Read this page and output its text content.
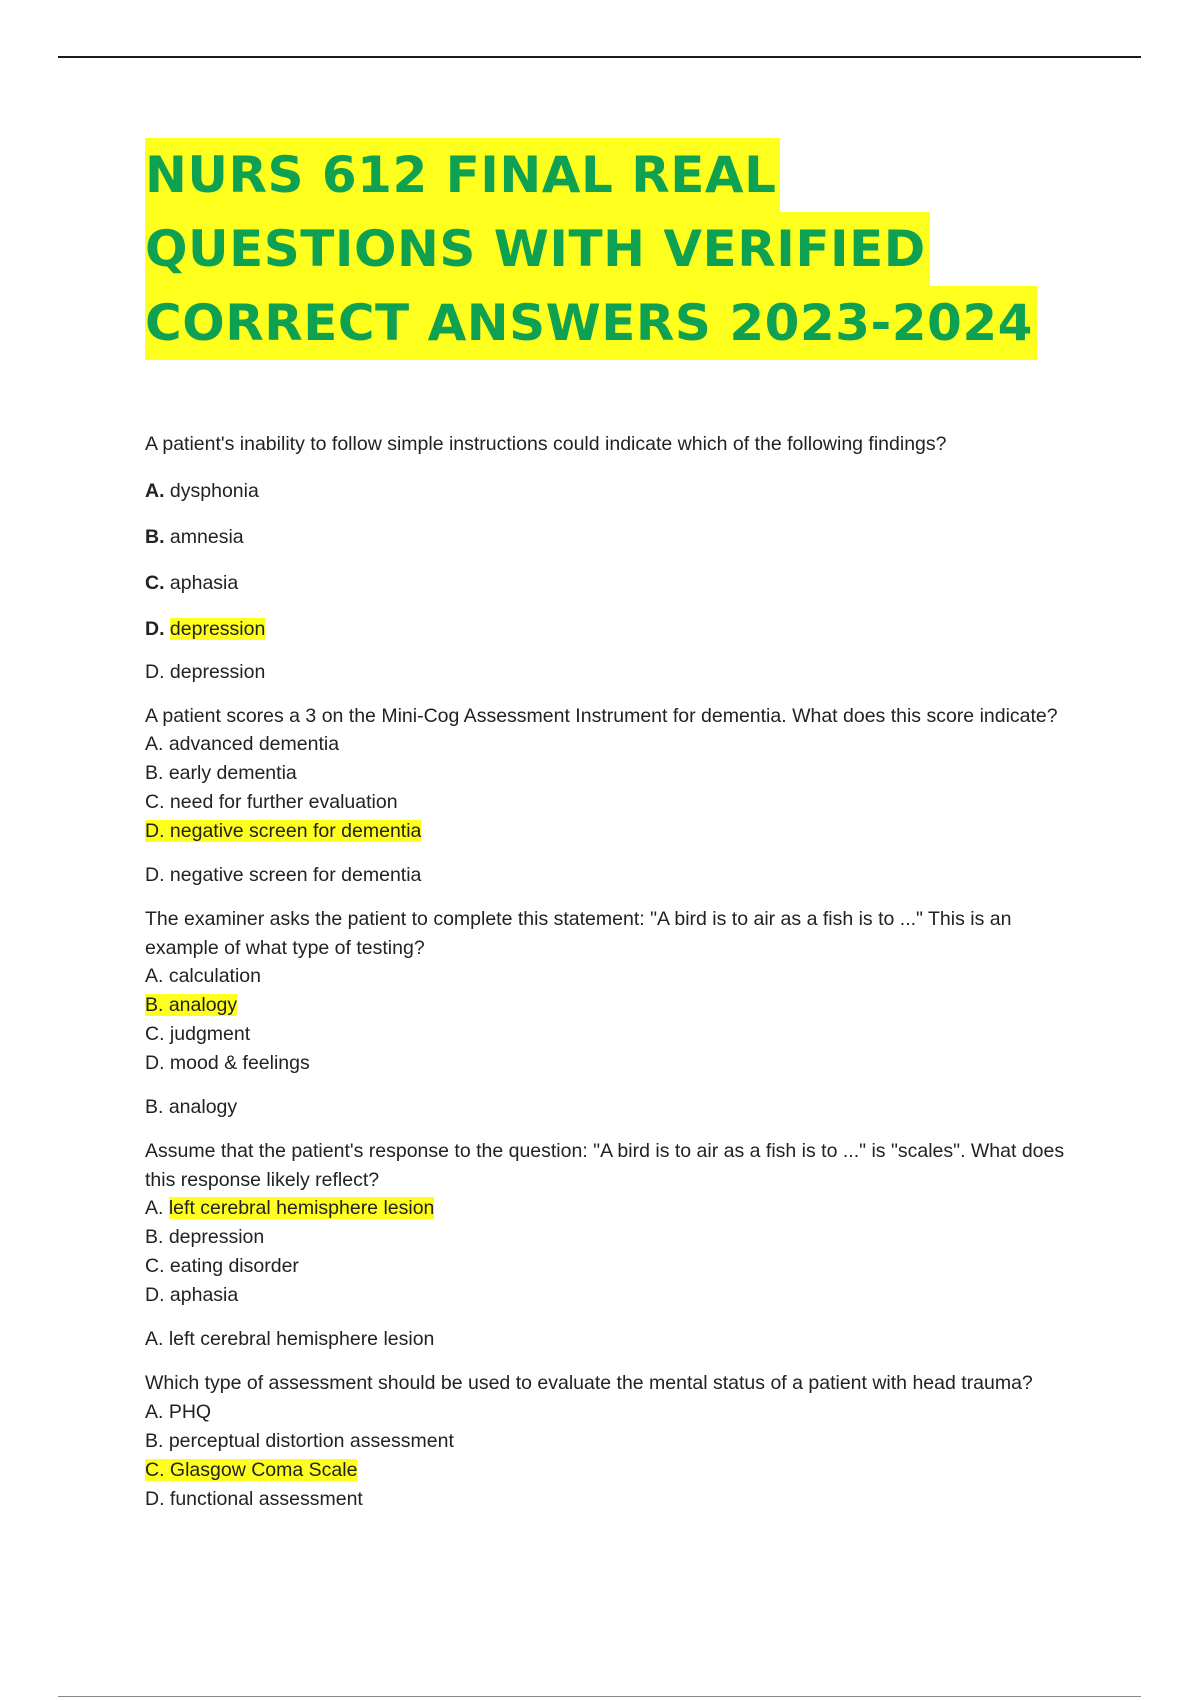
NURS 612 FINAL REAL
QUESTIONS WITH VERIFIED
CORRECT ANSWERS 2023-2024

A patient's inability to follow simple instructions could indicate which of the following findings?

A. dysphonia

B. amnesia

C. aphasia

D. depression

D. depression

A patient scores a 3 on the Mini-Cog Assessment Instrument for dementia. What does this score indicate?

A. advanced dementia

B. early dementia

C. need for further evaluation

D. negative screen for dementia

D. negative screen for dementia

The examiner asks the patient to complete this statement: "A bird is to air as a fish is to ..." This is an example of what type of testing?

A. calculation

B. analogy

C. judgment

D. mood & feelings

B. analogy

Assume that the patient's response to the question: "A bird is to air as a fish is to ..." is "scales". What does this response likely reflect?

A. left cerebral hemisphere lesion

B. depression

C. eating disorder

D. aphasia

A. left cerebral hemisphere lesion

Which type of assessment should be used to evaluate the mental status of a patient with head trauma?

A. PHQ

B. perceptual distortion assessment

C. Glasgow Coma Scale

D. functional assessment
